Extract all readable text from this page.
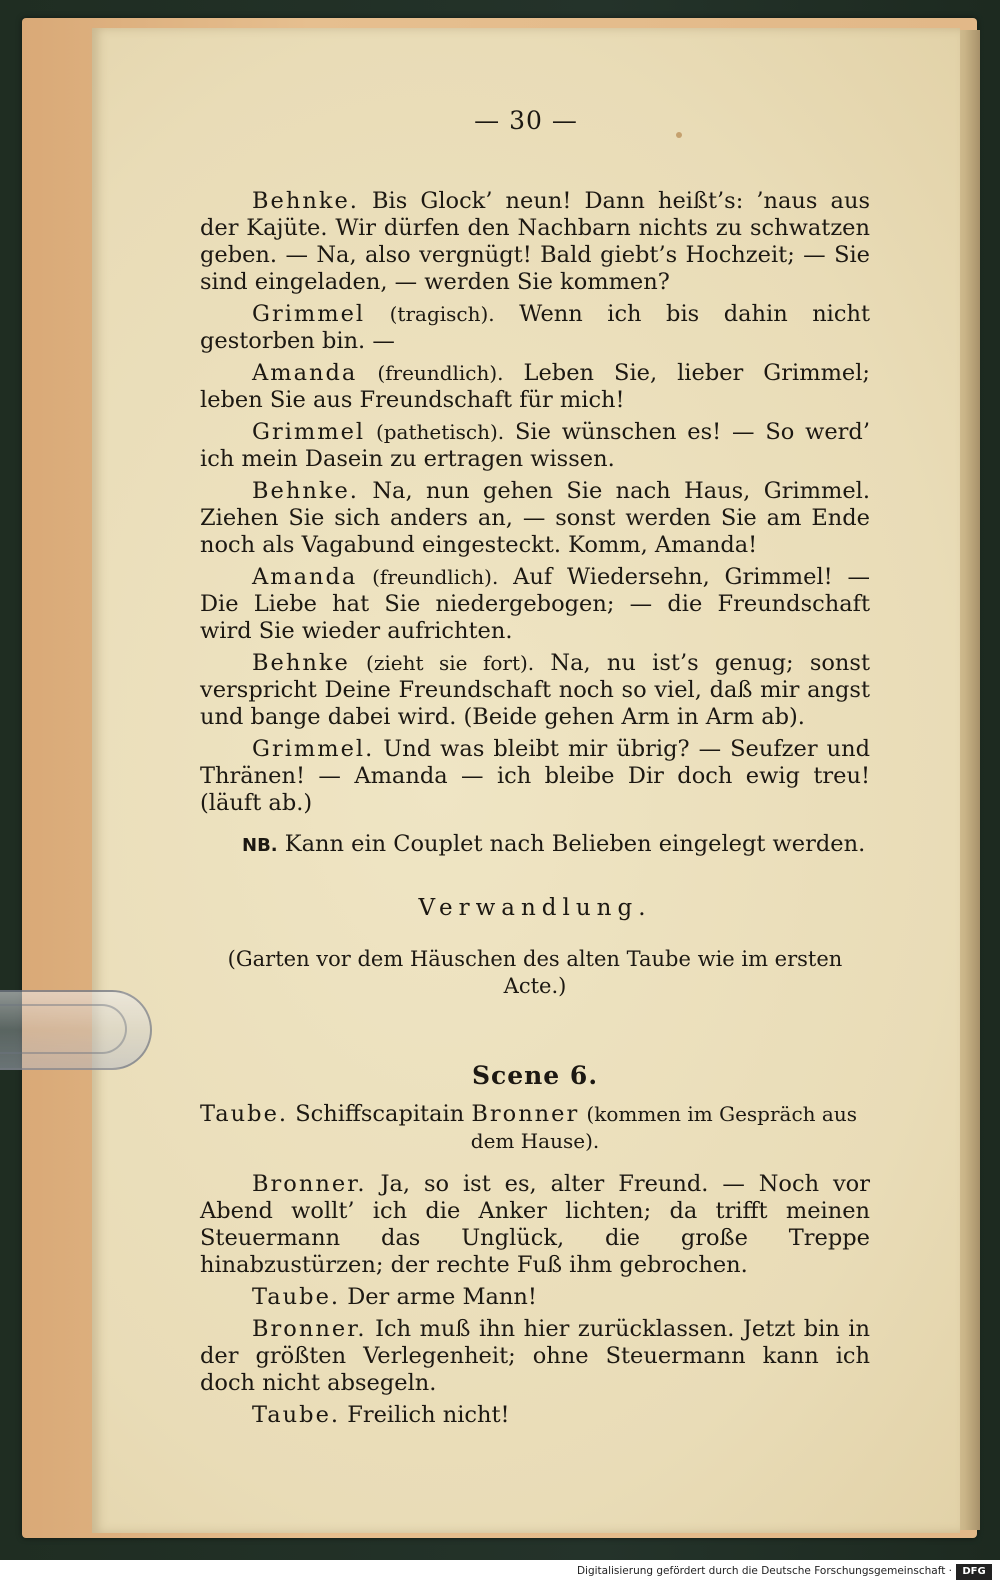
— 30 —

Behnke. Bis Glock’ neun! Dann heißt’s: ’naus aus der Kajüte. Wir dürfen den Nachbarn nichts zu schwatzen geben. — Na, also vergnügt! Bald giebt’s Hochzeit; — Sie sind eingeladen, — werden Sie kommen?

Grimmel (tragisch). Wenn ich bis dahin nicht gestorben bin. —

Amanda (freundlich). Leben Sie, lieber Grimmel; leben Sie aus Freundschaft für mich!

Grimmel (pathetisch). Sie wünschen es! — So werd’ ich mein Dasein zu ertragen wissen.

Behnke. Na, nun gehen Sie nach Haus, Grimmel. Ziehen Sie sich anders an, — sonst werden Sie am Ende noch als Vagabund eingesteckt. Komm, Amanda!

Amanda (freundlich). Auf Wiedersehn, Grimmel! — Die Liebe hat Sie niedergebogen; — die Freundschaft wird Sie wieder aufrichten.

Behnke (zieht sie fort). Na, nu ist’s genug; sonst verspricht Deine Freundschaft noch so viel, daß mir angst und bange dabei wird. (Beide gehen Arm in Arm ab).

Grimmel. Und was bleibt mir übrig? — Seufzer und Thränen! — Amanda — ich bleibe Dir doch ewig treu! (läuft ab.)

NB. Kann ein Couplet nach Belieben eingelegt werden.

Verwandlung.

(Garten vor dem Häuschen des alten Taube wie im ersten Acte.)

Scene 6.

Taube. Schiffscapitain Bronner (kommen im Gespräch aus
dem Hause).

Bronner. Ja, so ist es, alter Freund. — Noch vor Abend wollt’ ich die Anker lichten; da trifft meinen Steuermann das Unglück, die große Treppe hinabzustürzen; der rechte Fuß ihm gebrochen.

Taube. Der arme Mann!

Bronner. Ich muß ihn hier zurücklassen. Jetzt bin in der größten Verlegenheit; ohne Steuermann kann ich doch nicht absegeln.

Taube. Freilich nicht!

Digitalisierung gefördert durch die Deutsche Forschungsgemeinschaft ·	DFG
